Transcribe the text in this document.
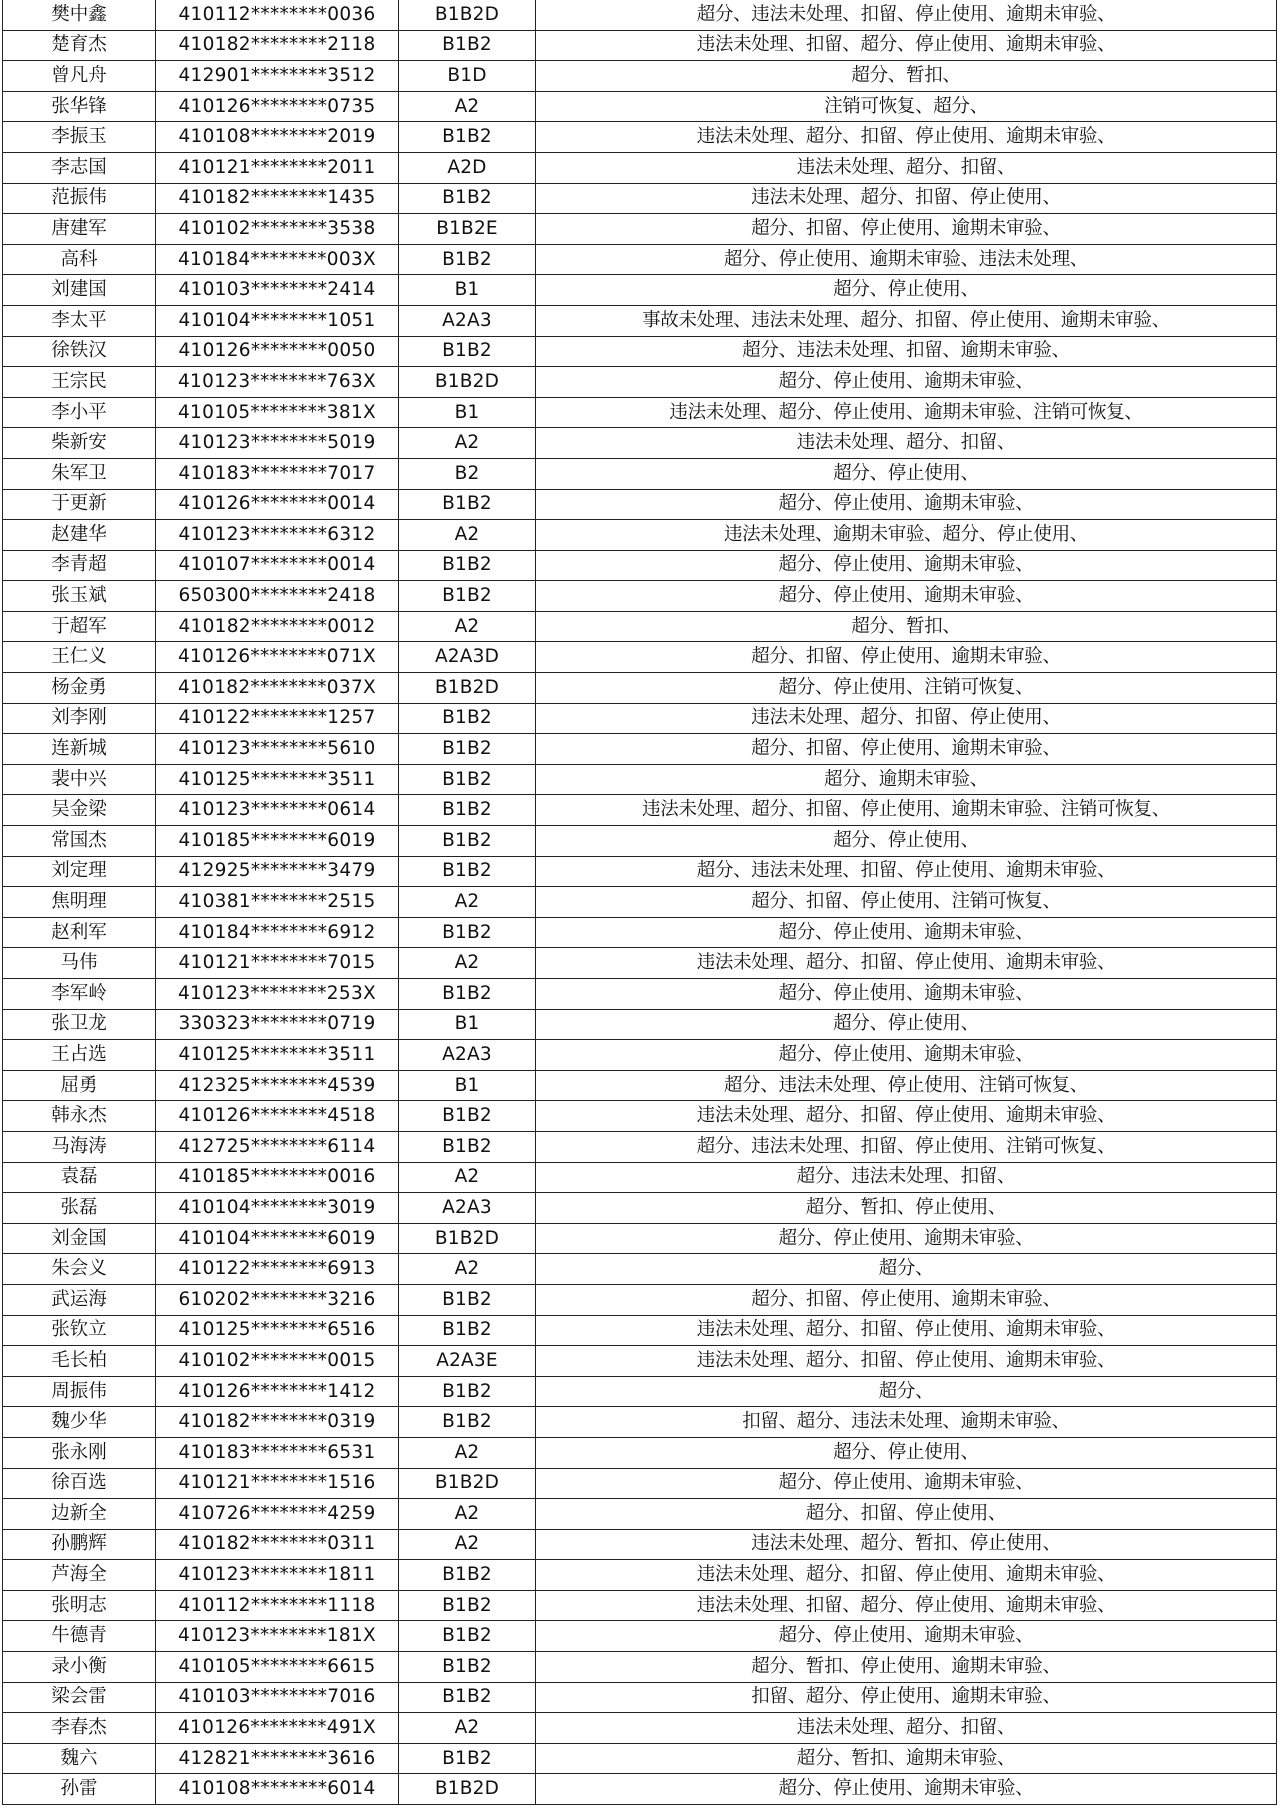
樊中鑫	410112********0036	B1B2D	超分、违法未处理、扣留、停止使用、逾期未审验、
楚育杰	410182********2118	B1B2	违法未处理、扣留、超分、停止使用、逾期未审验、
曾凡舟	412901********3512	B1D	超分、暂扣、
张华锋	410126********0735	A2	注销可恢复、超分、
李振玉	410108********2019	B1B2	违法未处理、超分、扣留、停止使用、逾期未审验、
李志国	410121********2011	A2D	违法未处理、超分、扣留、
范振伟	410182********1435	B1B2	违法未处理、超分、扣留、停止使用、
唐建军	410102********3538	B1B2E	超分、扣留、停止使用、逾期未审验、
高科	410184********003X	B1B2	超分、停止使用、逾期未审验、违法未处理、
刘建国	410103********2414	B1	超分、停止使用、
李太平	410104********1051	A2A3	事故未处理、违法未处理、超分、扣留、停止使用、逾期未审验、
徐铁汉	410126********0050	B1B2	超分、违法未处理、扣留、逾期未审验、
王宗民	410123********763X	B1B2D	超分、停止使用、逾期未审验、
李小平	410105********381X	B1	违法未处理、超分、停止使用、逾期未审验、注销可恢复、
柴新安	410123********5019	A2	违法未处理、超分、扣留、
朱军卫	410183********7017	B2	超分、停止使用、
于更新	410126********0014	B1B2	超分、停止使用、逾期未审验、
赵建华	410123********6312	A2	违法未处理、逾期未审验、超分、停止使用、
李青超	410107********0014	B1B2	超分、停止使用、逾期未审验、
张玉斌	650300********2418	B1B2	超分、停止使用、逾期未审验、
于超军	410182********0012	A2	超分、暂扣、
王仁义	410126********071X	A2A3D	超分、扣留、停止使用、逾期未审验、
杨金勇	410182********037X	B1B2D	超分、停止使用、注销可恢复、
刘李刚	410122********1257	B1B2	违法未处理、超分、扣留、停止使用、
连新城	410123********5610	B1B2	超分、扣留、停止使用、逾期未审验、
裴中兴	410125********3511	B1B2	超分、逾期未审验、
吴金梁	410123********0614	B1B2	违法未处理、超分、扣留、停止使用、逾期未审验、注销可恢复、
常国杰	410185********6019	B1B2	超分、停止使用、
刘定理	412925********3479	B1B2	超分、违法未处理、扣留、停止使用、逾期未审验、
焦明理	410381********2515	A2	超分、扣留、停止使用、注销可恢复、
赵利军	410184********6912	B1B2	超分、停止使用、逾期未审验、
马伟	410121********7015	A2	违法未处理、超分、扣留、停止使用、逾期未审验、
李军岭	410123********253X	B1B2	超分、停止使用、逾期未审验、
张卫龙	330323********0719	B1	超分、停止使用、
王占选	410125********3511	A2A3	超分、停止使用、逾期未审验、
屈勇	412325********4539	B1	超分、违法未处理、停止使用、注销可恢复、
韩永杰	410126********4518	B1B2	违法未处理、超分、扣留、停止使用、逾期未审验、
马海涛	412725********6114	B1B2	超分、违法未处理、扣留、停止使用、注销可恢复、
袁磊	410185********0016	A2	超分、违法未处理、扣留、
张磊	410104********3019	A2A3	超分、暂扣、停止使用、
刘金国	410104********6019	B1B2D	超分、停止使用、逾期未审验、
朱会义	410122********6913	A2	超分、
武运海	610202********3216	B1B2	超分、扣留、停止使用、逾期未审验、
张钦立	410125********6516	B1B2	违法未处理、超分、扣留、停止使用、逾期未审验、
毛长柏	410102********0015	A2A3E	违法未处理、超分、扣留、停止使用、逾期未审验、
周振伟	410126********1412	B1B2	超分、
魏少华	410182********0319	B1B2	扣留、超分、违法未处理、逾期未审验、
张永刚	410183********6531	A2	超分、停止使用、
徐百选	410121********1516	B1B2D	超分、停止使用、逾期未审验、
边新全	410726********4259	A2	超分、扣留、停止使用、
孙鹏辉	410182********0311	A2	违法未处理、超分、暂扣、停止使用、
芦海全	410123********1811	B1B2	违法未处理、超分、扣留、停止使用、逾期未审验、
张明志	410112********1118	B1B2	违法未处理、扣留、超分、停止使用、逾期未审验、
牛德青	410123********181X	B1B2	超分、停止使用、逾期未审验、
录小衡	410105********6615	B1B2	超分、暂扣、停止使用、逾期未审验、
梁会雷	410103********7016	B1B2	扣留、超分、停止使用、逾期未审验、
李春杰	410126********491X	A2	违法未处理、超分、扣留、
魏六	412821********3616	B1B2	超分、暂扣、逾期未审验、
孙雷	410108********6014	B1B2D	超分、停止使用、逾期未审验、
